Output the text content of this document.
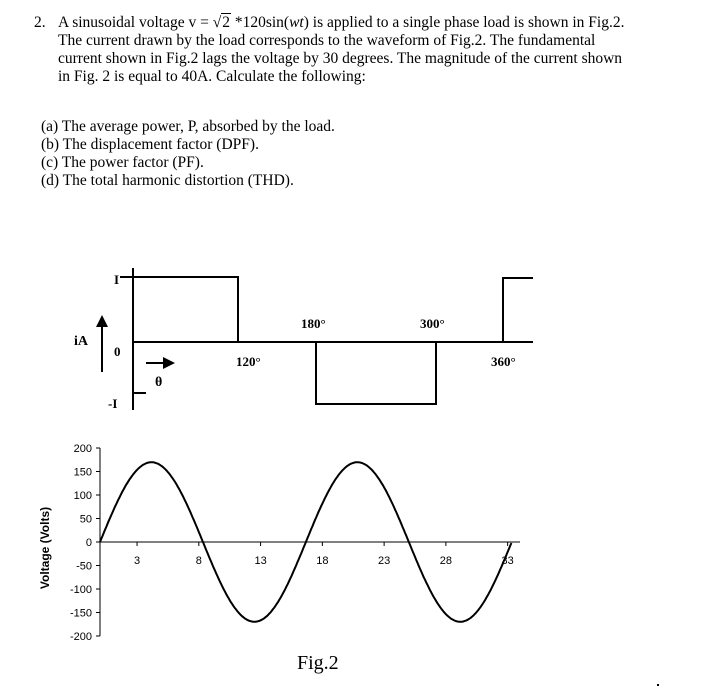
2. A sinusoidal voltage v = √2 *120sin(wt) is applied to a single phase load is shown in Fig.2. The current drawn by the load corresponds to the waveform of Fig.2. The fundamental current shown in Fig.2 lags the voltage by 30 degrees. The magnitude of the current shown in Fig. 2 is equal to 40A. Calculate the following:
(a) The average power, P, absorbed by the load.
(b) The displacement factor (DPF).
(c) The power factor (PF).
(d) The total harmonic distortion (THD).
I
-I
0
iA
θ
120°
180°	300°
360°
200
150
100
50
0
-50
-100
-150
-200
3	8	13	18	23	28	33
Voltage (Volts)
Fig.2
